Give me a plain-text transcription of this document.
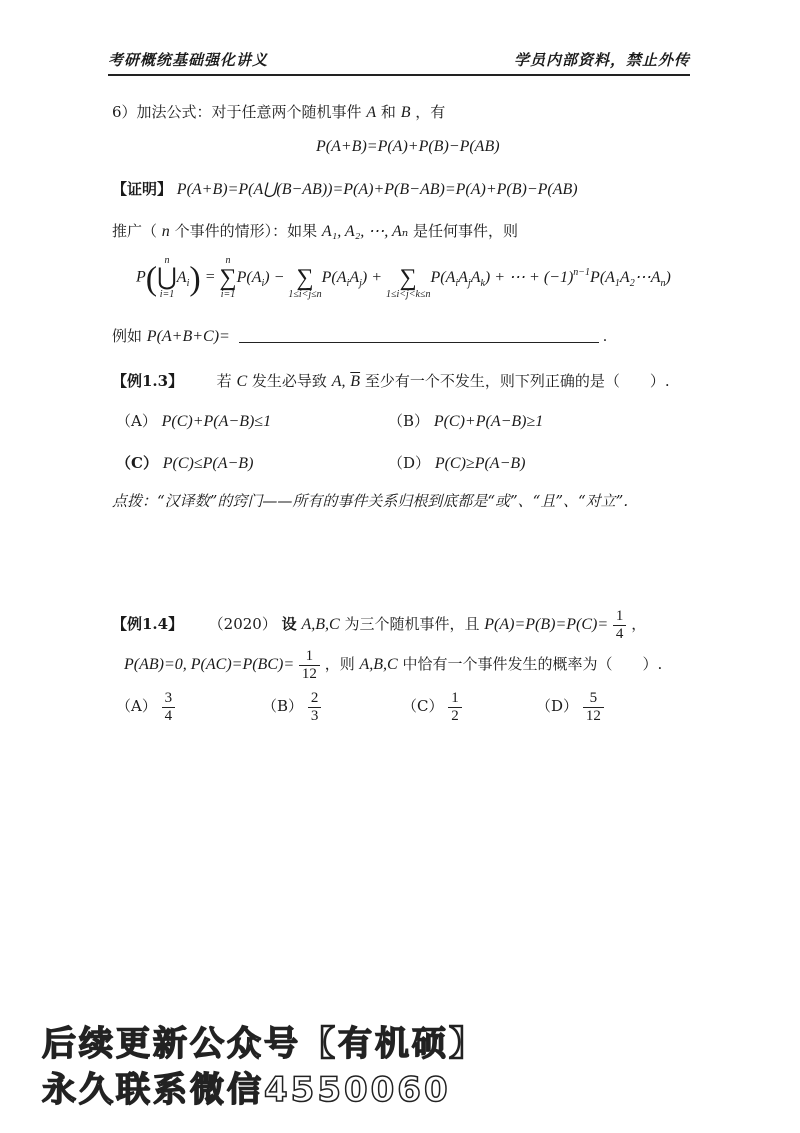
考研概统基础强化讲义	学员内部资料，禁止外传
6）加法公式：对于任意两个随机事件 A 和 B ，有
P(A+B)=P(A)+P(B)−P(AB)
【证明】 P(A+B)=P(A⋃(B−AB))=P(A)+P(B−AB)=P(A)+P(B)−P(AB)
推广（ n 个事件的情形）：如果 A₁, A₂, ⋯, Aₙ 是任何事件，则
P(
n
⋃
i=1
$A_i$) =
n
∑
i=1
$P(A_i)$ −
∑
1≤i<j≤n
$P(A_iA_j)$ +
∑
1≤i<j<k≤n
$P(A_iA_jA_k)$ + ⋯ + $(-1)^{n-1}P(A_1A_2\cdots A_n)$
例如 P(A+B+C)=	.
【例1.3】 若 C 发生必导致 A, $\overline{B}$ 至少有一个不发生，则下列正确的是（　　）.
（A） P(C)+P(A−B)≤1	（B） P(C)+P(A−B)≥1
（C） P(C)≤P(A−B)	（D） P(C)≥P(A−B)
点拨：“汉译数”的窍门——所有的事件关系归根到底都是“或”、“且”、“对立”.
【例1.4】 （2020） 设 A,B,C 为三个随机事件，且 $P(A)=P(B)=P(C)= \frac{1}{4}$ ，
P(AB)=0, $P(AC)=P(BC)= \frac{1}{12}$ ，则 A,B,C 中恰有一个事件发生的概率为（　　）.
$(A) \frac{3}{4}$	$(B) \frac{2}{3}$	$(C) \frac{1}{2}$	$(D) \frac{5}{12}$
后续更新公众号【有机硕】
永久联系微信4550060
